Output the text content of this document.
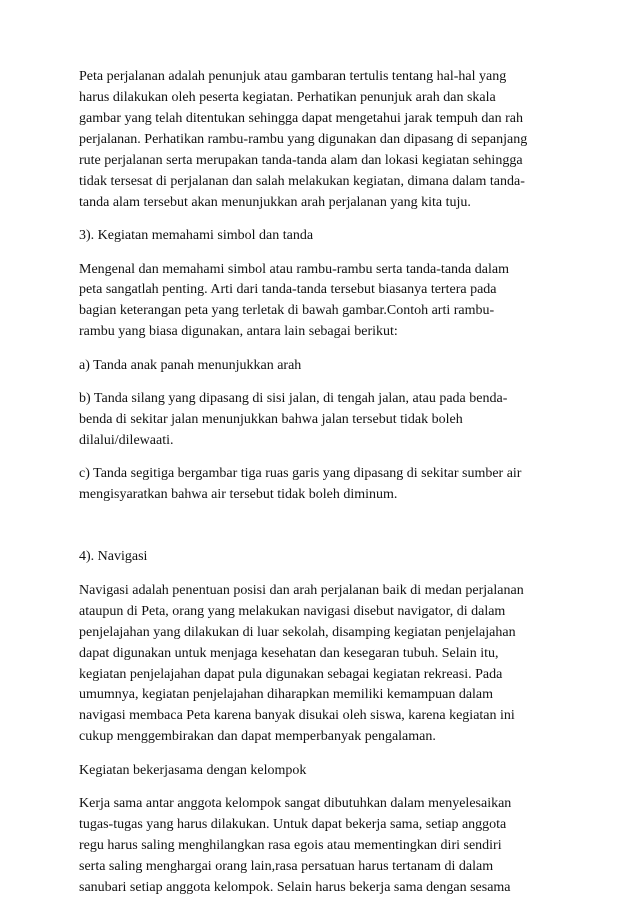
Peta perjalanan adalah penunjuk atau gambaran tertulis tentang hal-hal yang
harus dilakukan oleh peserta kegiatan. Perhatikan penunjuk arah dan skala
gambar yang telah ditentukan sehingga dapat mengetahui jarak tempuh dan rah
perjalanan. Perhatikan rambu-rambu yang digunakan dan dipasang di sepanjang
rute perjalanan serta merupakan tanda-tanda alam dan lokasi kegiatan sehingga
tidak tersesat di perjalanan dan salah melakukan kegiatan, dimana dalam tanda-
tanda alam tersebut akan menunjukkan arah perjalanan yang kita tuju.
3). Kegiatan memahami simbol dan tanda
Mengenal dan memahami simbol atau rambu-rambu serta tanda-tanda dalam
peta sangatlah penting. Arti dari tanda-tanda tersebut biasanya tertera pada
bagian keterangan peta yang terletak di bawah gambar.Contoh arti rambu-
rambu yang biasa digunakan, antara lain sebagai berikut:
a) Tanda anak panah menunjukkan arah
b) Tanda silang yang dipasang di sisi jalan, di tengah jalan, atau pada benda-
benda di sekitar jalan menunjukkan bahwa jalan tersebut tidak boleh
dilalui/dilewaati.
c) Tanda segitiga bergambar tiga ruas garis yang dipasang di sekitar sumber air
mengisyaratkan bahwa air tersebut tidak boleh diminum.
4). Navigasi
Navigasi adalah penentuan posisi dan arah perjalanan baik di medan perjalanan
ataupun di Peta, orang yang melakukan navigasi disebut navigator, di dalam
penjelajahan yang dilakukan di luar sekolah, disamping kegiatan penjelajahan
dapat digunakan untuk menjaga kesehatan dan kesegaran tubuh. Selain itu,
kegiatan penjelajahan dapat pula digunakan sebagai kegiatan rekreasi. Pada
umumnya, kegiatan penjelajahan diharapkan memiliki kemampuan dalam
navigasi membaca Peta karena banyak disukai oleh siswa, karena kegiatan ini
cukup menggembirakan dan dapat memperbanyak pengalaman.
Kegiatan bekerjasama dengan kelompok
Kerja sama antar anggota kelompok sangat dibutuhkan dalam menyelesaikan
tugas-tugas yang harus dilakukan. Untuk dapat bekerja sama, setiap anggota
regu harus saling menghilangkan rasa egois atau mementingkan diri sendiri
serta saling menghargai orang lain,rasa persatuan harus tertanam di dalam
sanubari setiap anggota kelompok. Selain harus bekerja sama dengan sesama
